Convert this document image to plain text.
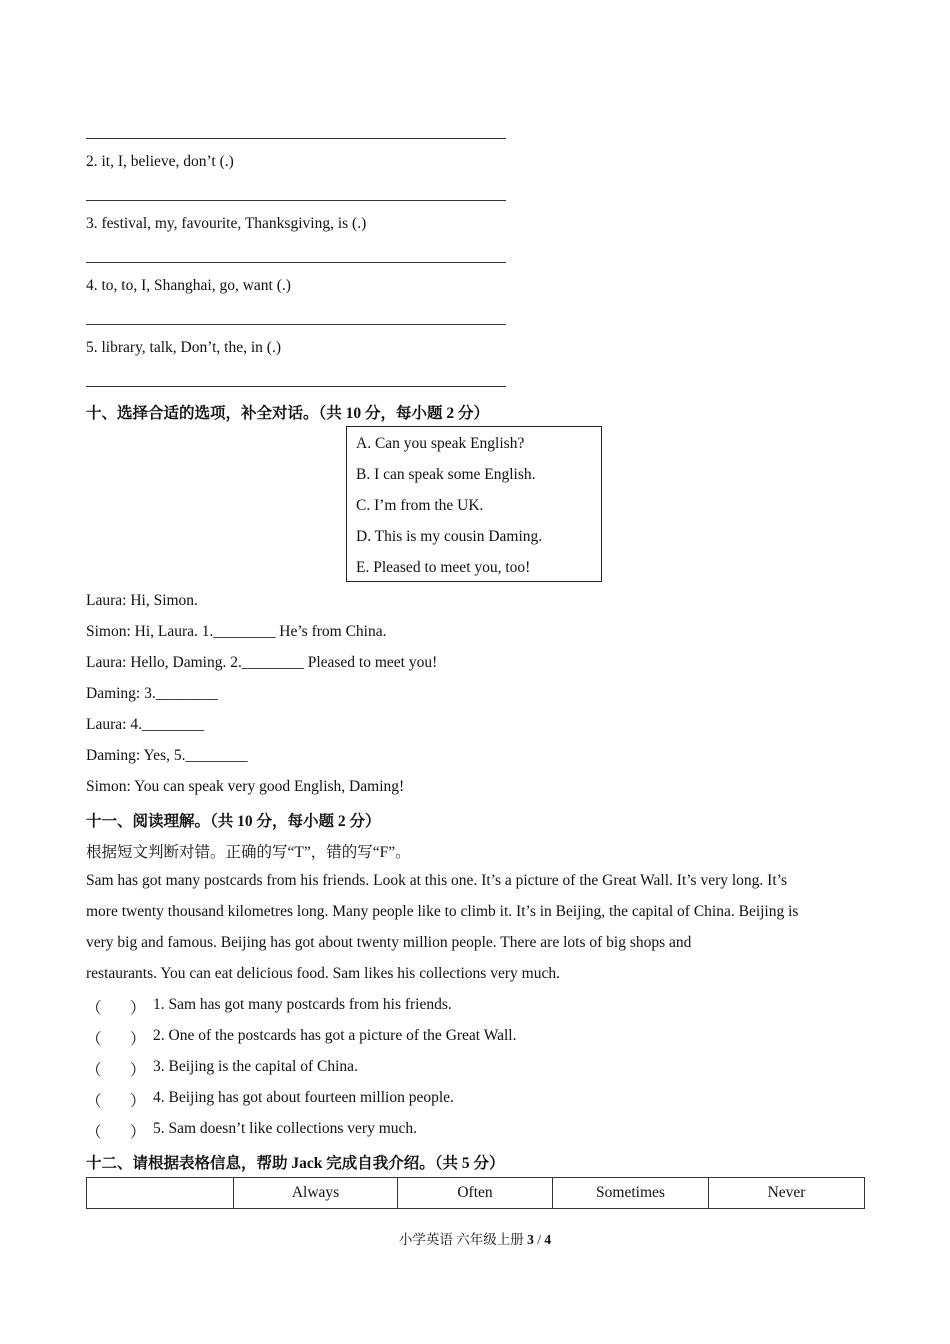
2. it, I, believe, don’t (.)
3. festival, my, favourite, Thanksgiving, is (.)
4. to, to, I, Shanghai, go, want (.)
5. library, talk, Don’t, the, in (.)
十、选择合适的选项，补全对话。（共 10 分，每小题 2 分）
A. Can you speak English?
B. I can speak some English.
C. I’m from the UK.
D. This is my cousin Daming.
E. Pleased to meet you, too!
Laura: Hi, Simon.
Simon: Hi, Laura. 1.________ He’s from China.
Laura: Hello, Daming. 2.________ Pleased to meet you!
Daming: 3.________
Laura: 4.________
Daming: Yes, 5.________
Simon: You can speak very good English, Daming!
十一、阅读理解。（共 10 分，每小题 2 分）
根据短文判断对错。正确的写“T”，错的写“F”。
Sam has got many postcards from his friends. Look at this one. It’s a picture of the Great Wall. It’s very long. It’s
more twenty thousand kilometres long. Many people like to climb it. It’s in Beijing, the capital of China. Beijing is
very big and famous. Beijing has got about twenty million people. There are lots of big shops and
restaurants. You can eat delicious food. Sam likes his collections very much.
（ ） 1. Sam has got many postcards from his friends.
（ ） 2. One of the postcards has got a picture of the Great Wall.
（ ） 3. Beijing is the capital of China.
（ ） 4. Beijing has got about fourteen million people.
（ ） 5. Sam doesn’t like collections very much.
十二、请根据表格信息，帮助 Jack 完成自我介绍。（共 5 分）
	Always	Often	Sometimes	Never
小学英语 六年级上册 3 / 4
